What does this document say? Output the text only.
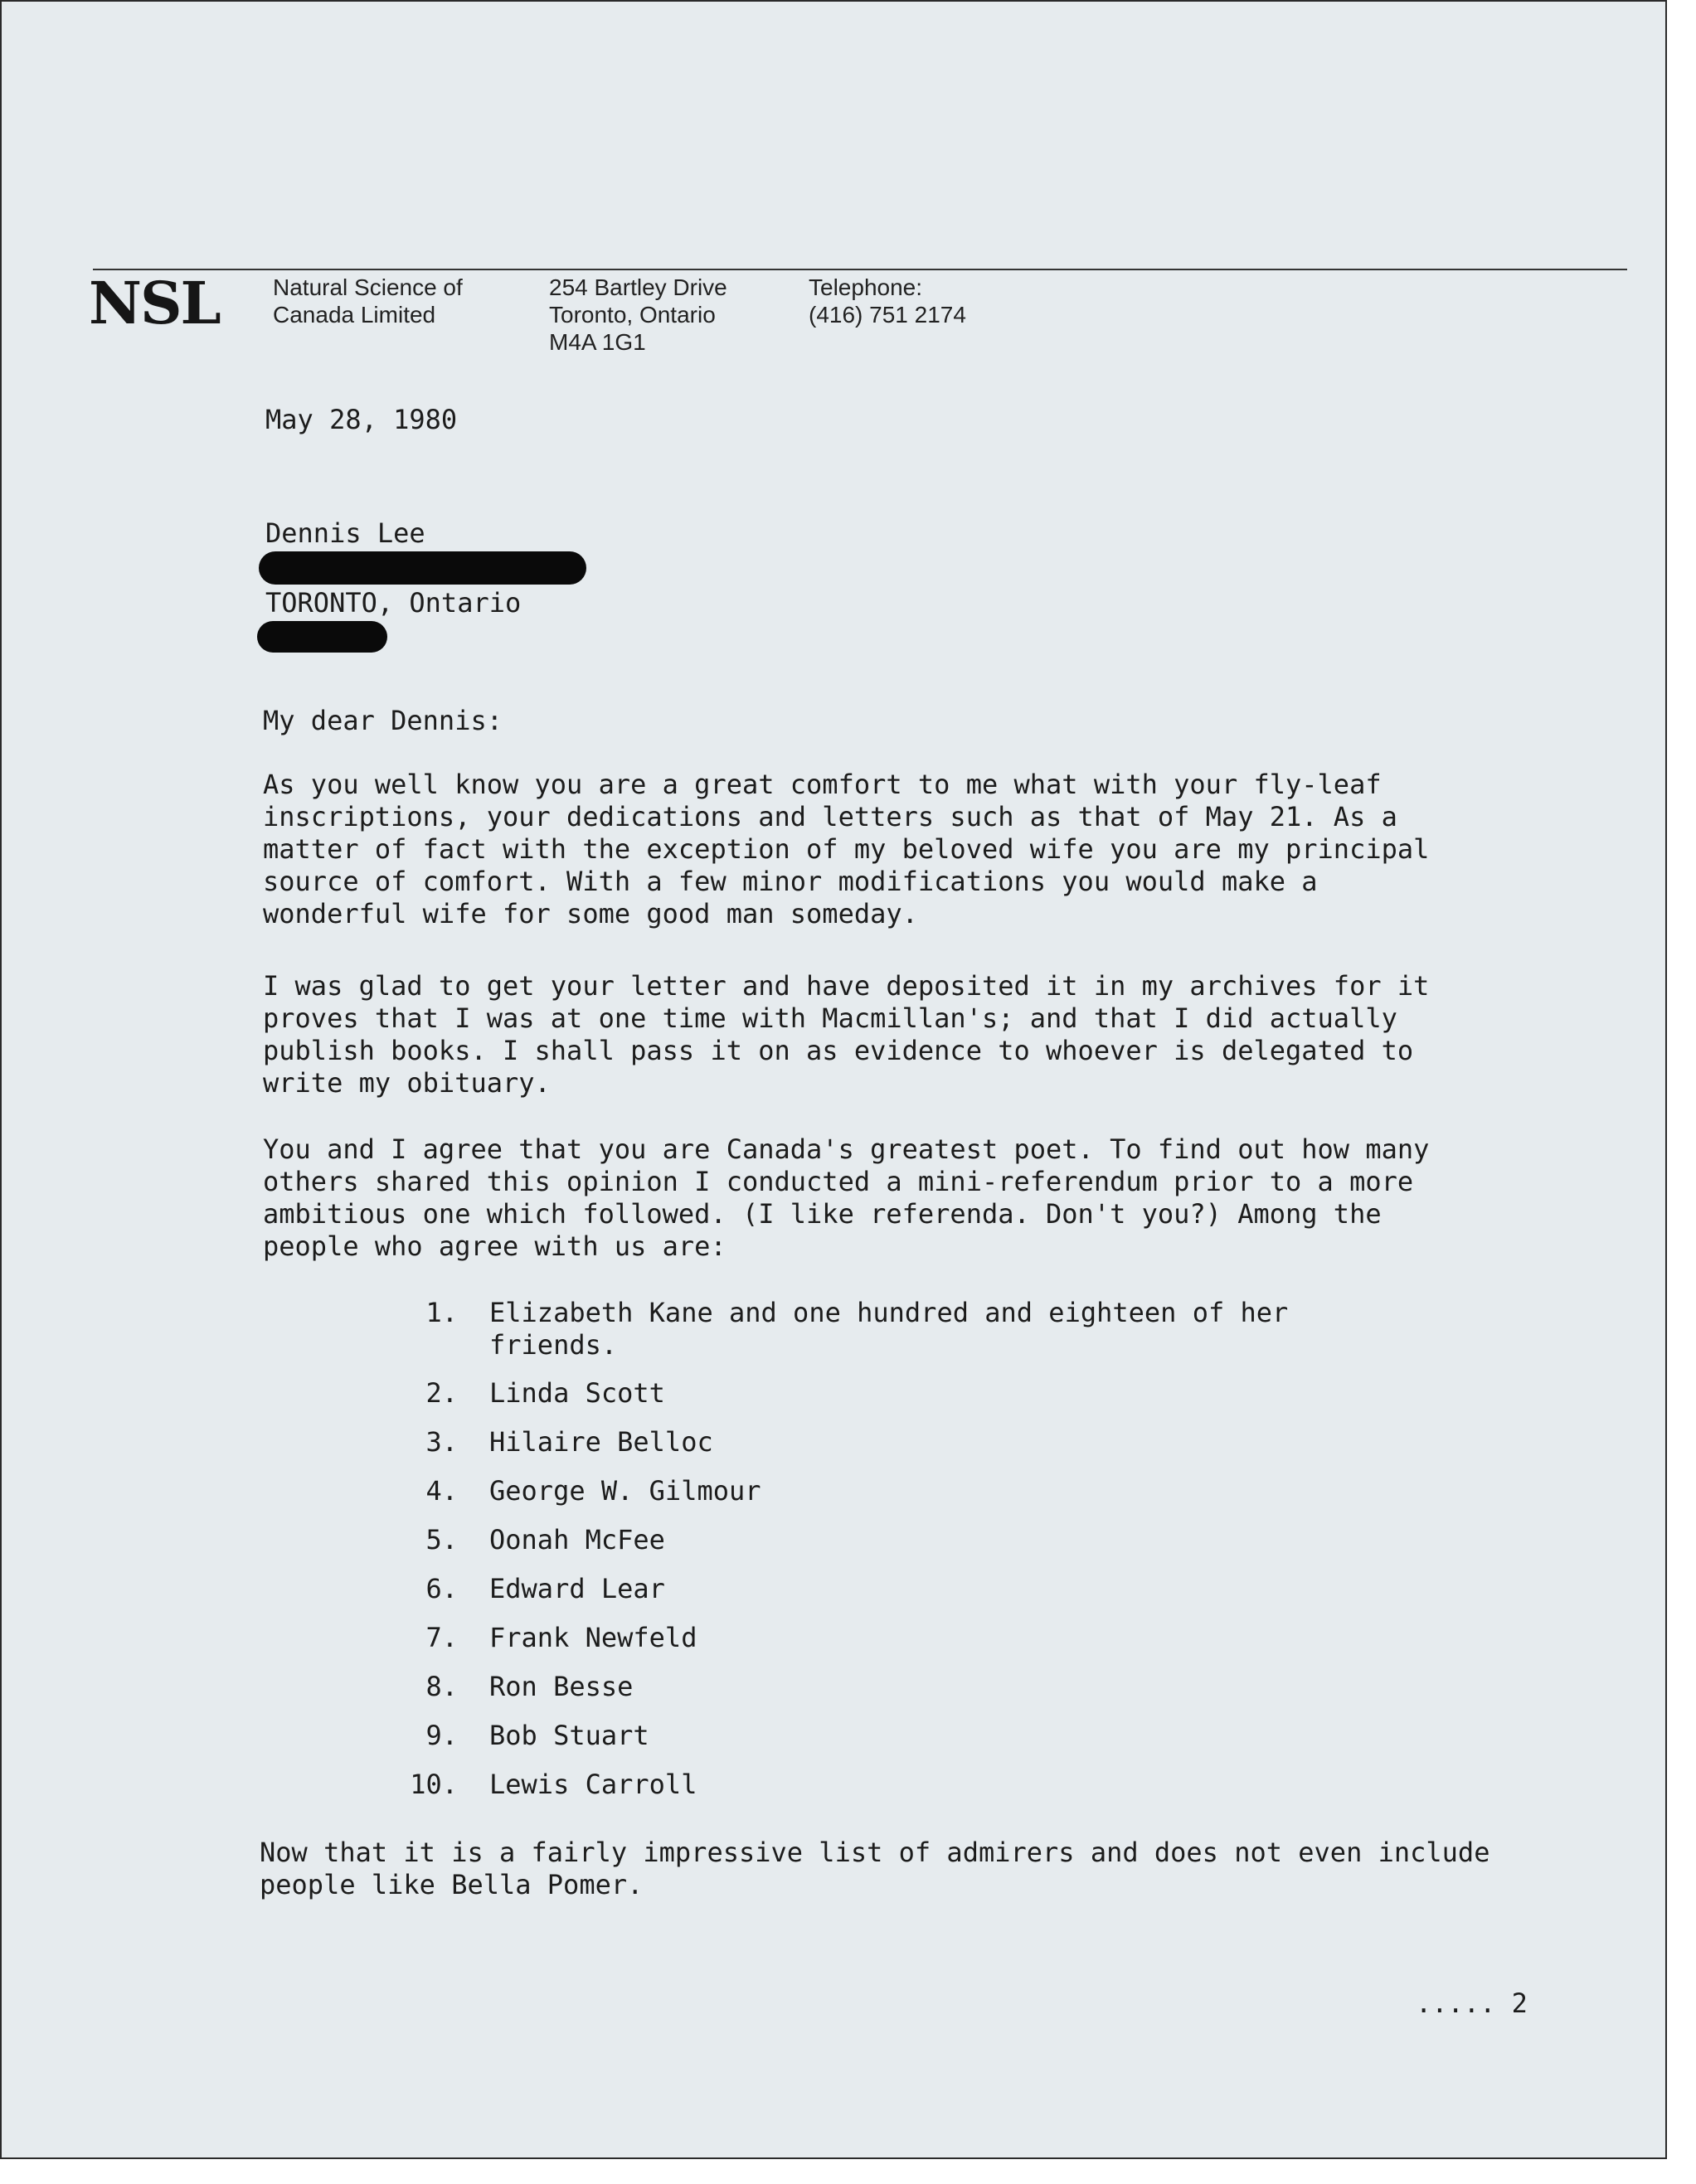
NSL Natural Science of
Canada Limited
254 Bartley Drive
Toronto, Ontario
M4A 1G1
Telephone:
(416) 751 2174
May 28, 1980
Dennis Lee
TORONTO, Ontario
My dear Dennis:
As you well know you are a great comfort to me what with your fly-leaf
inscriptions, your dedications and letters such as that of May 21. As a
matter of fact with the exception of my beloved wife you are my principal
source of comfort. With a few minor modifications you would make a
wonderful wife for some good man someday.
I was glad to get your letter and have deposited it in my archives for it
proves that I was at one time with Macmillan's; and that I did actually
publish books. I shall pass it on as evidence to whoever is delegated to
write my obituary.
You and I agree that you are Canada's greatest poet. To find out how many
others shared this opinion I conducted a mini-referendum prior to a more
ambitious one which followed. (I like referenda. Don't you?) Among the
people who agree with us are:
1. Elizabeth Kane and one hundred and eighteen of her
friends.
2. Linda Scott
3. Hilaire Belloc
4. George W. Gilmour
5. Oonah McFee
6. Edward Lear
7. Frank Newfeld
8. Ron Besse
9. Bob Stuart
10. Lewis Carroll
Now that it is a fairly impressive list of admirers and does not even include
people like Bella Pomer.
..... 2
